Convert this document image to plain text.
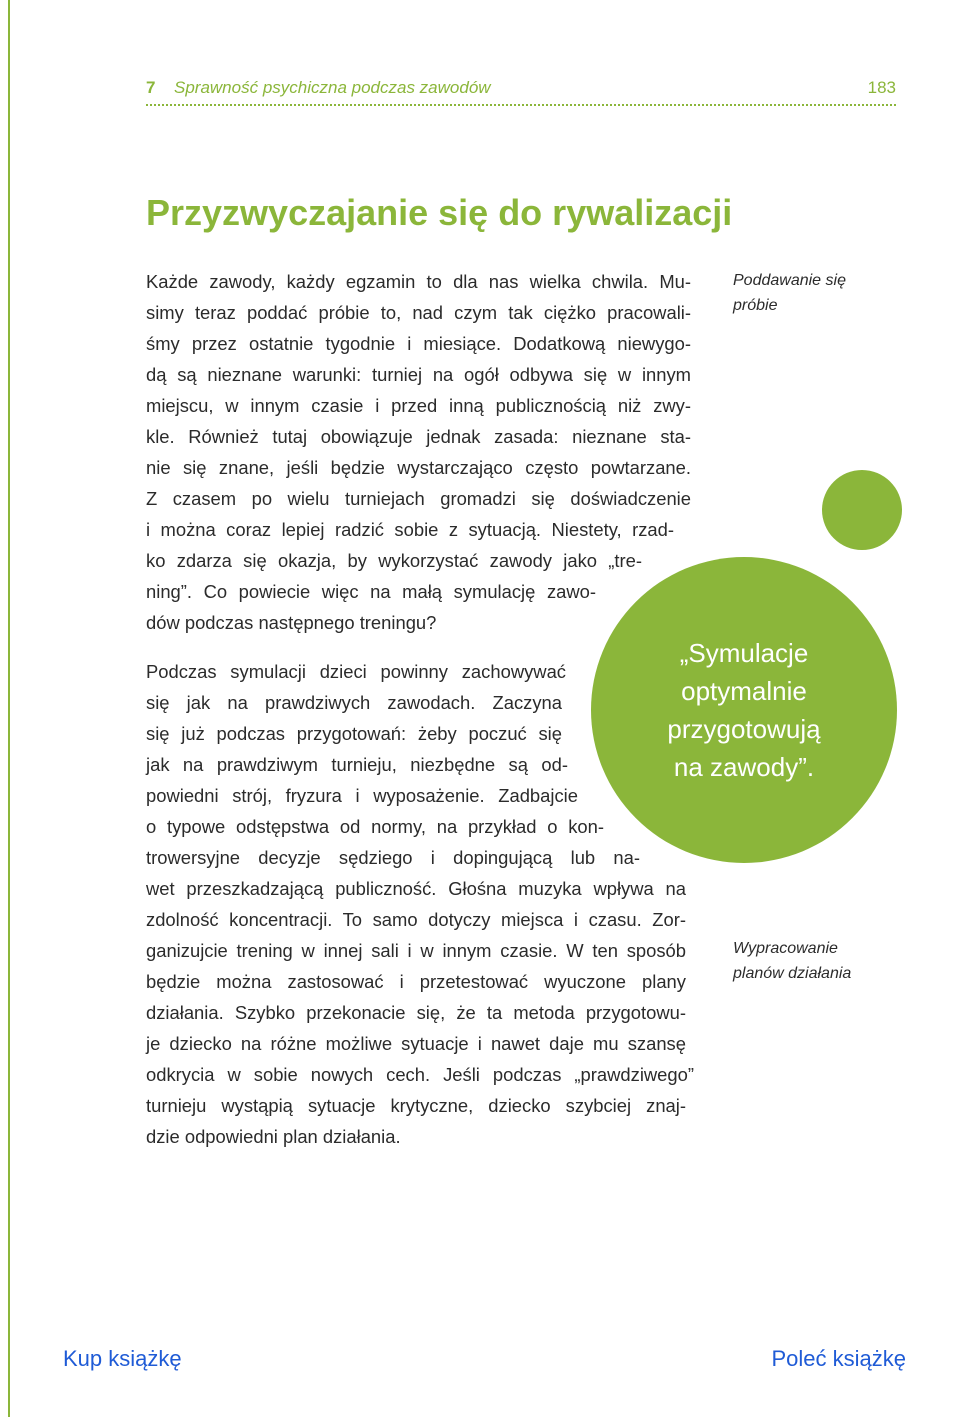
7 Sprawność psychiczna podczas zawodów	183
Przyzwyczajanie się do rywalizacji
Każde zawody, każdy egzamin to dla nas wielka chwila. Mu-
simy teraz poddać próbie to, nad czym tak ciężko pracowali-
śmy przez ostatnie tygodnie i miesiące. Dodatkową niewygo-
dą są nieznane warunki: turniej na ogół odbywa się w innym
miejscu, w innym czasie i przed inną publicznością niż zwy-
kle. Również tutaj obowiązuje jednak zasada: nieznane sta-
nie się znane, jeśli będzie wystarczająco często powtarzane.
Z czasem po wielu turniejach gromadzi się doświadczenie
i można coraz lepiej radzić sobie z sytuacją. Niestety, rzad-
ko zdarza się okazja, by wykorzystać zawody jako „tre-
ning”. Co powiecie więc na małą symulację zawo-
dów podczas następnego treningu?
Podczas symulacji dzieci powinny zachowywać
się jak na prawdziwych zawodach. Zaczyna
się już podczas przygotowań: żeby poczuć się
jak na prawdziwym turnieju, niezbędne są od-
powiedni strój, fryzura i wyposażenie. Zadbajcie
o typowe odstępstwa od normy, na przykład o kon-
trowersyjne decyzje sędziego i dopingującą lub na-
wet przeszkadzającą publiczność. Głośna muzyka wpływa na
zdolność koncentracji. To samo dotyczy miejsca i czasu. Zor-
ganizujcie trening w innej sali i w innym czasie. W ten sposób
będzie można zastosować i przetestować wyuczone plany
działania. Szybko przekonacie się, że ta metoda przygotowu-
je dziecko na różne możliwe sytuacje i nawet daje mu szansę
odkrycia w sobie nowych cech. Jeśli podczas „prawdziwego”
turnieju wystąpią sytuacje krytyczne, dziecko szybciej znaj-
dzie odpowiedni plan działania.
Poddawanie się
próbie
Wypracowanie
planów działania
„Symulacje
optymalnie
przygotowują
na zawody”.
Kup książkę	Poleć książkę
